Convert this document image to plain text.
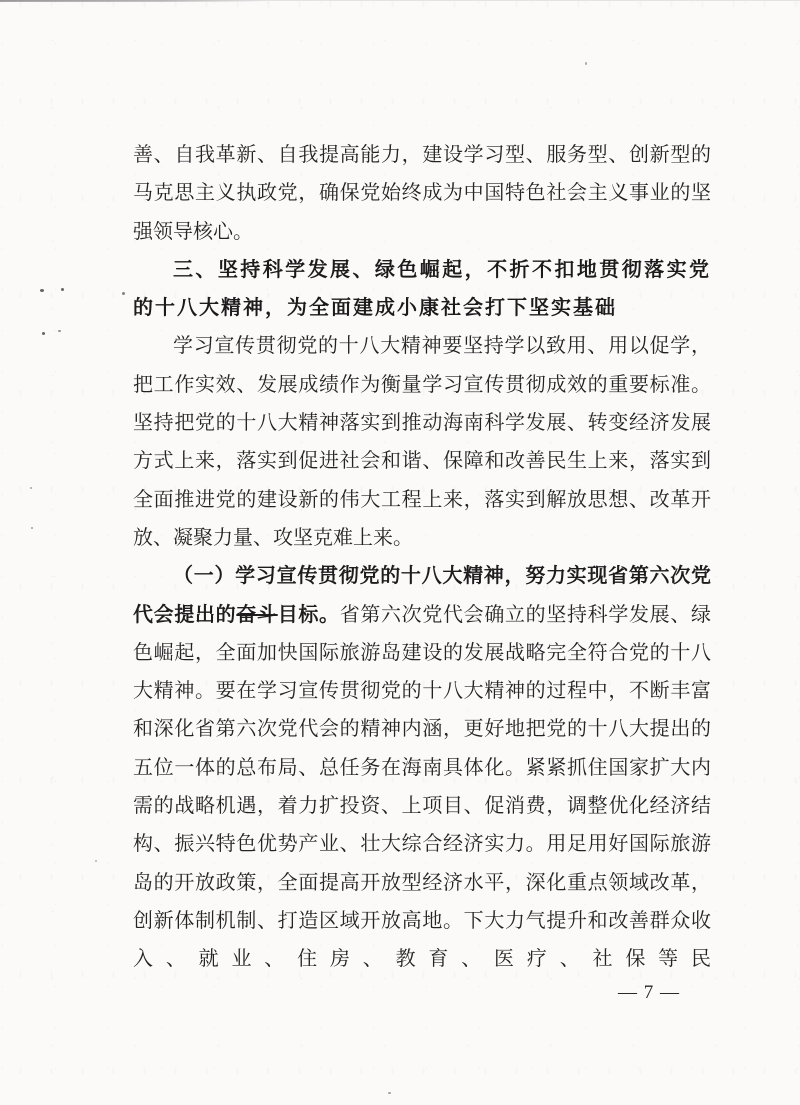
善、自我革新、自我提高能力，建设学习型、服务型、创新型的马克思主义执政党，确保党始终成为中国特色社会主义事业的坚强领导核心。

三、坚持科学发展、绿色崛起，不折不扣地贯彻落实党的十八大精神，为全面建成小康社会打下坚实基础

学习宣传贯彻党的十八大精神要坚持学以致用、用以促学，把工作实效、发展成绩作为衡量学习宣传贯彻成效的重要标准。坚持把党的十八大精神落实到推动海南科学发展、转变经济发展方式上来，落实到促进社会和谐、保障和改善民生上来，落实到全面推进党的建设新的伟大工程上来，落实到解放思想、改革开放、凝聚力量、攻坚克难上来。

（一）学习宣传贯彻党的十八大精神，努力实现省第六次党代会提出的奋斗目标。省第六次党代会确立的坚持科学发展、绿色崛起，全面加快国际旅游岛建设的发展战略完全符合党的十八大精神。要在学习宣传贯彻党的十八大精神的过程中，不断丰富和深化省第六次党代会的精神内涵，更好地把党的十八大提出的五位一体的总布局、总任务在海南具体化。紧紧抓住国家扩大内需的战略机遇，着力扩投资、上项目、促消费，调整优化经济结构、振兴特色优势产业、壮大综合经济实力。用足用好国际旅游岛的开放政策，全面提高开放型经济水平，深化重点领域改革，创新体制机制、打造区域开放高地。下大力气提升和改善群众收入、就业、住房、教育、医疗、社保等民

— 7 —
